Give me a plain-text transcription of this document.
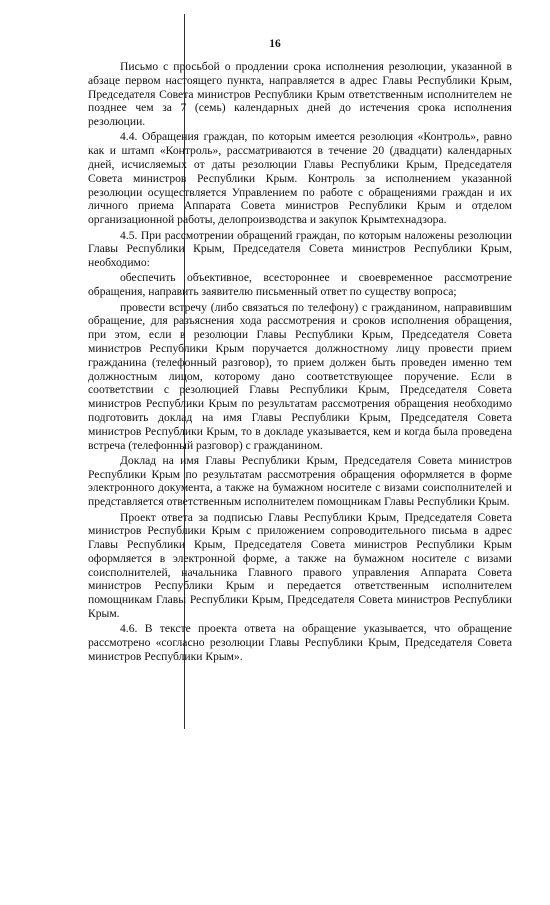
16

Письмо с просьбой о продлении срока исполнения резолюции, указанной в абзаце первом настоящего пункта, направляется в адрес Главы Республики Крым, Председателя Совета министров Республики Крым ответственным исполнителем не позднее чем за 7 (семь) календарных дней до истечения срока исполнения резолюции.

4.4. Обращения граждан, по которым имеется резолюция «Контроль», равно как и штамп «Контроль», рассматриваются в течение 20 (двадцати) календарных дней, исчисляемых от даты резолюции Главы Республики Крым, Председателя Совета министров Республики Крым. Контроль за исполнением указанной резолюции осуществляется Управлением по работе с обращениями граждан и их личного приема Аппарата Совета министров Республики Крым и отделом организационной работы, делопроизводства и закупок Крымтехнадзора.

4.5. При рассмотрении обращений граждан, по которым наложены резолюции Главы Республики Крым, Председателя Совета министров Республики Крым, необходимо:

обеспечить объективное, всестороннее и своевременное рассмотрение обращения, направить заявителю письменный ответ по существу вопроса;

провести встречу (либо связаться по телефону) с гражданином, направившим обращение, для разъяснения хода рассмотрения и сроков исполнения обращения, при этом, если в резолюции Главы Республики Крым, Председателя Совета министров Республики Крым поручается должностному лицу провести прием гражданина (телефонный разговор), то прием должен быть проведен именно тем должностным лицом, которому дано соответствующее поручение. Если в соответствии с резолюцией Главы Республики Крым, Председателя Совета министров Республики Крым по результатам рассмотрения обращения необходимо подготовить доклад на имя Главы Республики Крым, Председателя Совета министров Республики Крым, то в докладе указывается, кем и когда была проведена встреча (телефонный разговор) с гражданином.

Доклад на имя Главы Республики Крым, Председателя Совета министров Республики Крым по результатам рассмотрения обращения оформляется в форме электронного документа, а также на бумажном носителе с визами соисполнителей и представляется ответственным исполнителем помощникам Главы Республики Крым.

Проект ответа за подписью Главы Республики Крым, Председателя Совета министров Республики Крым с приложением сопроводительного письма в адрес Главы Республики Крым, Председателя Совета министров Республики Крым оформляется в электронной форме, а также на бумажном носителе с визами соисполнителей, начальника Главного правого управления Аппарата Совета министров Республики Крым и передается ответственным исполнителем помощникам Главы Республики Крым, Председателя Совета министров Республики Крым.

4.6. В тексте проекта ответа на обращение указывается, что обращение рассмотрено «согласно резолюции Главы Республики Крым, Председателя Совета министров Республики Крым».
